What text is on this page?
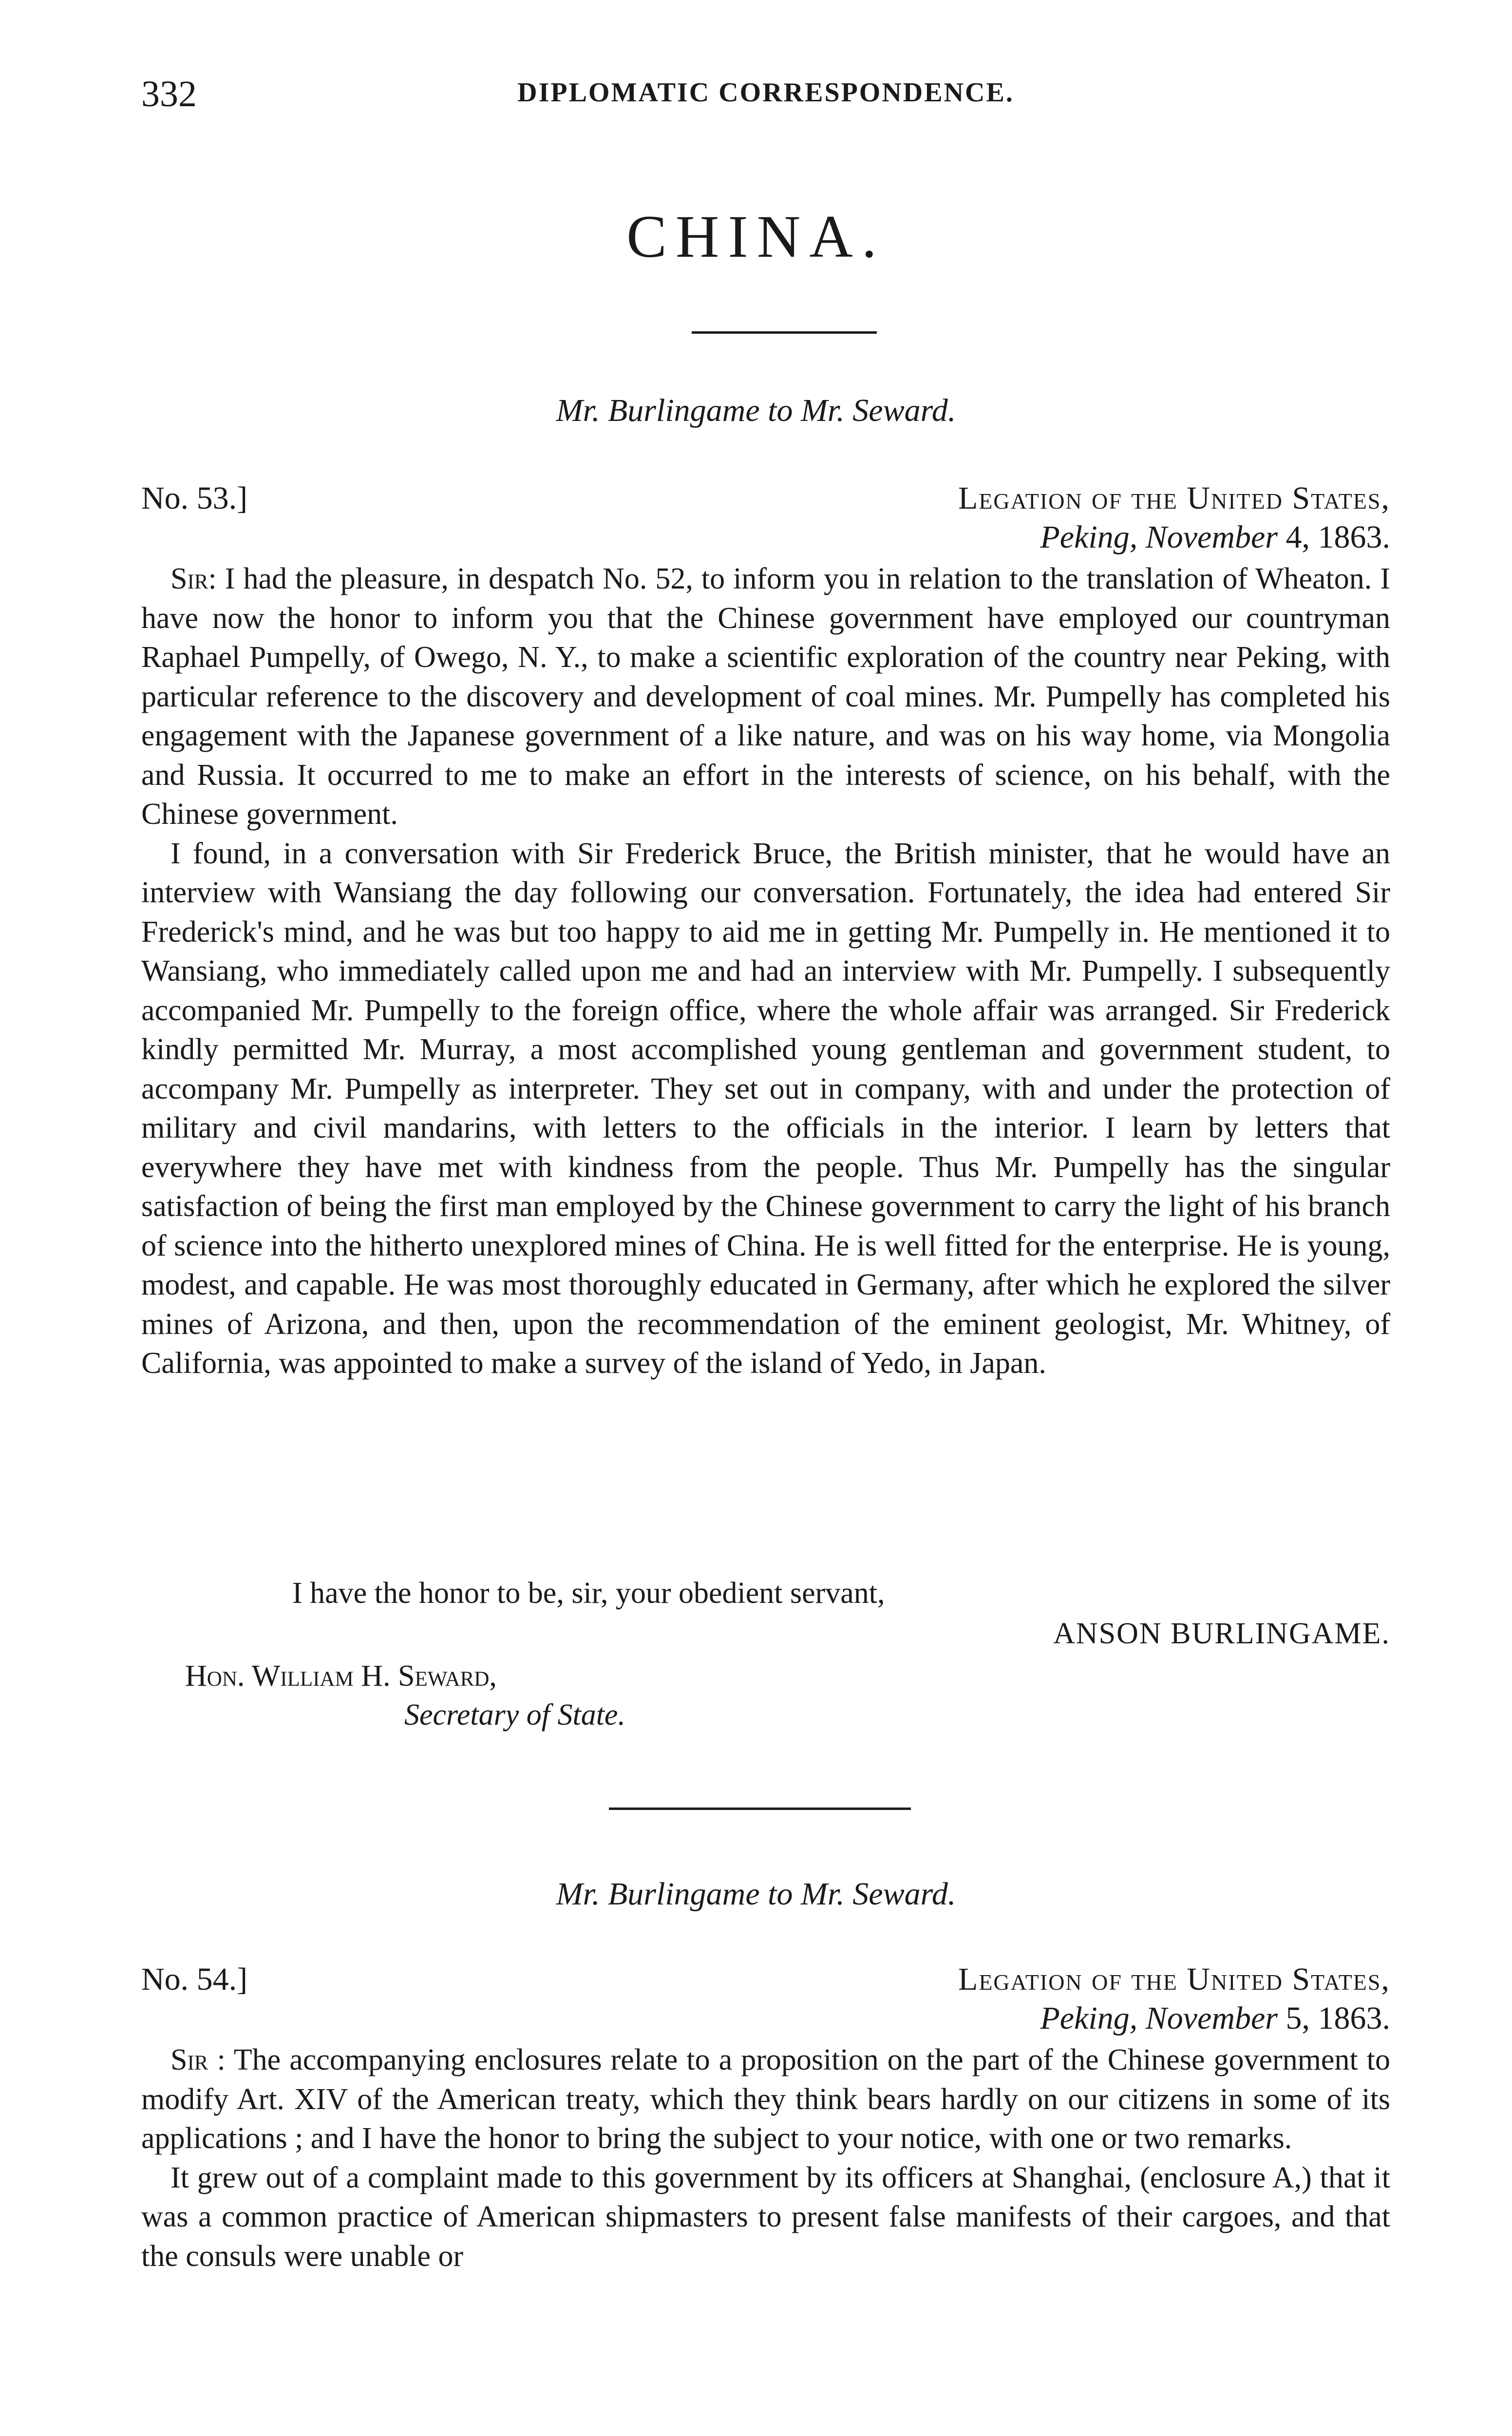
332	DIPLOMATIC CORRESPONDENCE.
CHINA.
Mr. Burlingame to Mr. Seward.
No. 53.]	Legation of the United States,
Peking, November 4, 1863.

Sir: I had the pleasure, in despatch No. 52, to inform you in relation to the translation of Wheaton. I have now the honor to inform you that the Chinese government have employed our countryman Raphael Pumpelly, of Owego, N. Y., to make a scientific exploration of the country near Peking, with particular reference to the discovery and development of coal mines. Mr. Pumpelly has completed his engagement with the Japanese government of a like nature, and was on his way home, via Mongolia and Russia. It occurred to me to make an effort in the interests of science, on his behalf, with the Chinese government.

I found, in a conversation with Sir Frederick Bruce, the British minister, that he would have an interview with Wansiang the day following our conversation. Fortunately, the idea had entered Sir Frederick's mind, and he was but too happy to aid me in getting Mr. Pumpelly in. He mentioned it to Wansiang, who immediately called upon me and had an interview with Mr. Pumpelly. I subsequently accompanied Mr. Pumpelly to the foreign office, where the whole affair was arranged. Sir Frederick kindly permitted Mr. Murray, a most accomplished young gentleman and government student, to accompany Mr. Pumpelly as interpreter. They set out in company, with and under the protection of military and civil mandarins, with letters to the officials in the interior. I learn by letters that everywhere they have met with kindness from the people. Thus Mr. Pumpelly has the singular satisfaction of being the first man employed by the Chinese government to carry the light of his branch of science into the hitherto unexplored mines of China. He is well fitted for the enterprise. He is young, modest, and capable. He was most thoroughly educated in Germany, after which he explored the silver mines of Arizona, and then, upon the recommendation of the eminent geologist, Mr. Whitney, of California, was appointed to make a survey of the island of Yedo, in Japan.

I have the honor to be, sir, your obedient servant,
ANSON BURLINGAME.
Hon. William H. Seward,
Secretary of State.
Mr. Burlingame to Mr. Seward.
No. 54.]	Legation of the United States,
Peking, November 5, 1863.

Sir : The accompanying enclosures relate to a proposition on the part of the Chinese government to modify Art. XIV of the American treaty, which they think bears hardly on our citizens in some of its applications ; and I have the honor to bring the subject to your notice, with one or two remarks.

It grew out of a complaint made to this government by its officers at Shanghai, (enclosure A,) that it was a common practice of American shipmasters to present false manifests of their cargoes, and that the consuls were unable or
